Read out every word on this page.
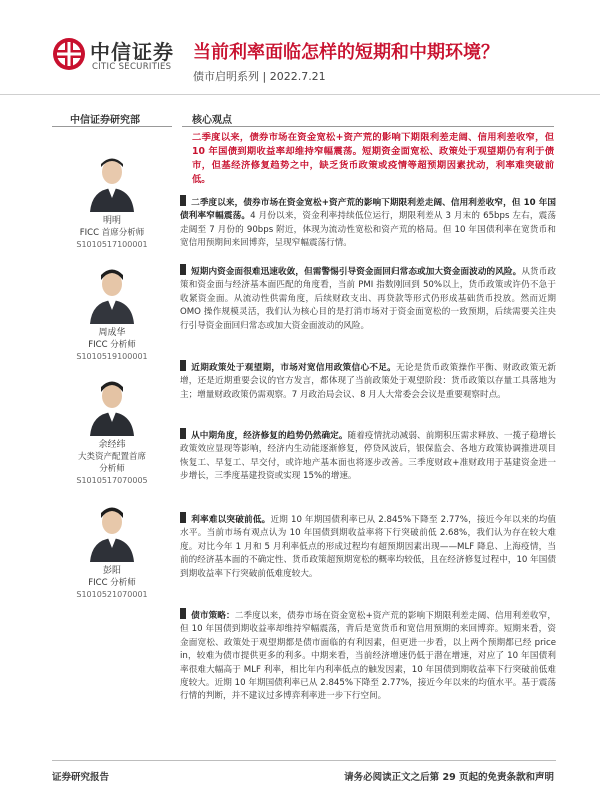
中信证券
CITIC SECURITIES
当前利率面临怎样的短期和中期环境？
债市启明系列 | 2022.7.21
中信证券研究部	核心观点
明明
FICC 首席分析师
S1010517100001
周成华
FICC 分析师
S1010519100001
余经纬
大类资产配置首席分析师
S1010517070005
彭阳
FICC 分析师
S1010521070001

二季度以来，债券市场在资金宽松+资产荒的影响下期限利差走阔、信用利差收窄，但 10 年国债到期收益率却维持窄幅震荡。短期资金面宽松、政策处于观望期仍有利于债市，但基经济修复趋势之中，缺乏货币政策或疫情等超预期因素扰动，利率难突破前低。

二季度以来，债券市场在资金宽松+资产荒的影响下期限利差走阔、信用利差收窄，但 10 年国债利率窄幅震荡。4 月份以来，资金利率持续低位运行，期限利差从 3 月末的 65bps 左右，震荡走阔至 7 月份的 90bps 附近，体现为流动性宽松和资产荒的格局。但 10 年国债利率在宽货币和宽信用预期间来回博弈，呈现窄幅震荡行情。

短期内资金面很难迅速收敛，但需警惕引导资金面回归常态或加大资金面波动的风险。从货币政策和资金面与经济基本面匹配的角度看，当前 PMI 指数刚回到 50%以上，货币政策或许仍不急于收紧资金面。从流动性供需角度，后续财政支出、再贷款等形式仍形成基础货币投放。然而近期 OMO 操作规模灵活，我们认为核心目的是打消市场对于资金面宽松的一致预期，后续需要关注央行引导资金面回归常态或加大资金面波动的风险。

近期政策处于观望期，市场对宽信用政策信心不足。无论是货币政策操作平衡、财政政策无新增，还是近期重要会议的官方发言，都体现了当前政策处于观望阶段：货币政策以存量工具落地为主；增量财政政策仍需观察。7 月政治局会议、8 月人大常委会会议是重要观察时点。

从中期角度，经济修复的趋势仍然确定。随着疫情扰动减弱、前期积压需求释放、一揽子稳增长政策效应显现等影响，经济内生动能逐渐修复，停贷风波后，银保监会、各地方政策协调推进项目恢复工、早复工、早交付，或许地产基本面也将逐步改善。三季度财政+准财政用于基建资金进一步增长，三季度基建投资或实现 15%的增速。

利率难以突破前低。近期 10 年期国债利率已从 2.845%下降至 2.77%，接近今年以来的均值水平。当前市场有观点认为 10 年国债到期收益率将下行突破前低 2.68%，我们认为存在较大难度。对比今年 1 月和 5 月利率低点的形成过程均有超预期因素出现——MLF 降息、上海疫情，当前的经济基本面的不确定性、货币政策超预期宽松的概率均较低，且在经济修复过程中，10 年国债到期收益率下行突破前低难度较大。

债市策略：二季度以来，债券市场在资金宽松+资产荒的影响下期限利差走阔、信用利差收窄，但 10 年国债到期收益率却维持窄幅震荡，背后是宽货币和宽信用预期的来回博弈。短期来看，资金面宽松、政策处于观望期都是债市面临的有利因素，但更进一步看，以上两个预期都已经 price in，较难为债市提供更多的利多。中期来看，当前经济增速仍低于潜在增速，对应了 10 年国债利率很难大幅高于 MLF 利率，相比年内利率低点的触发因素，10 年国债到期收益率下行突破前低难度较大。近期 10 年期国债利率已从 2.845%下降至 2.77%，接近今年以来的均值水平。基于震荡行情的判断，并不建议过多博弈利率进一步下行空间。

证券研究报告	请务必阅读正文之后第 29 页起的免责条款和声明
